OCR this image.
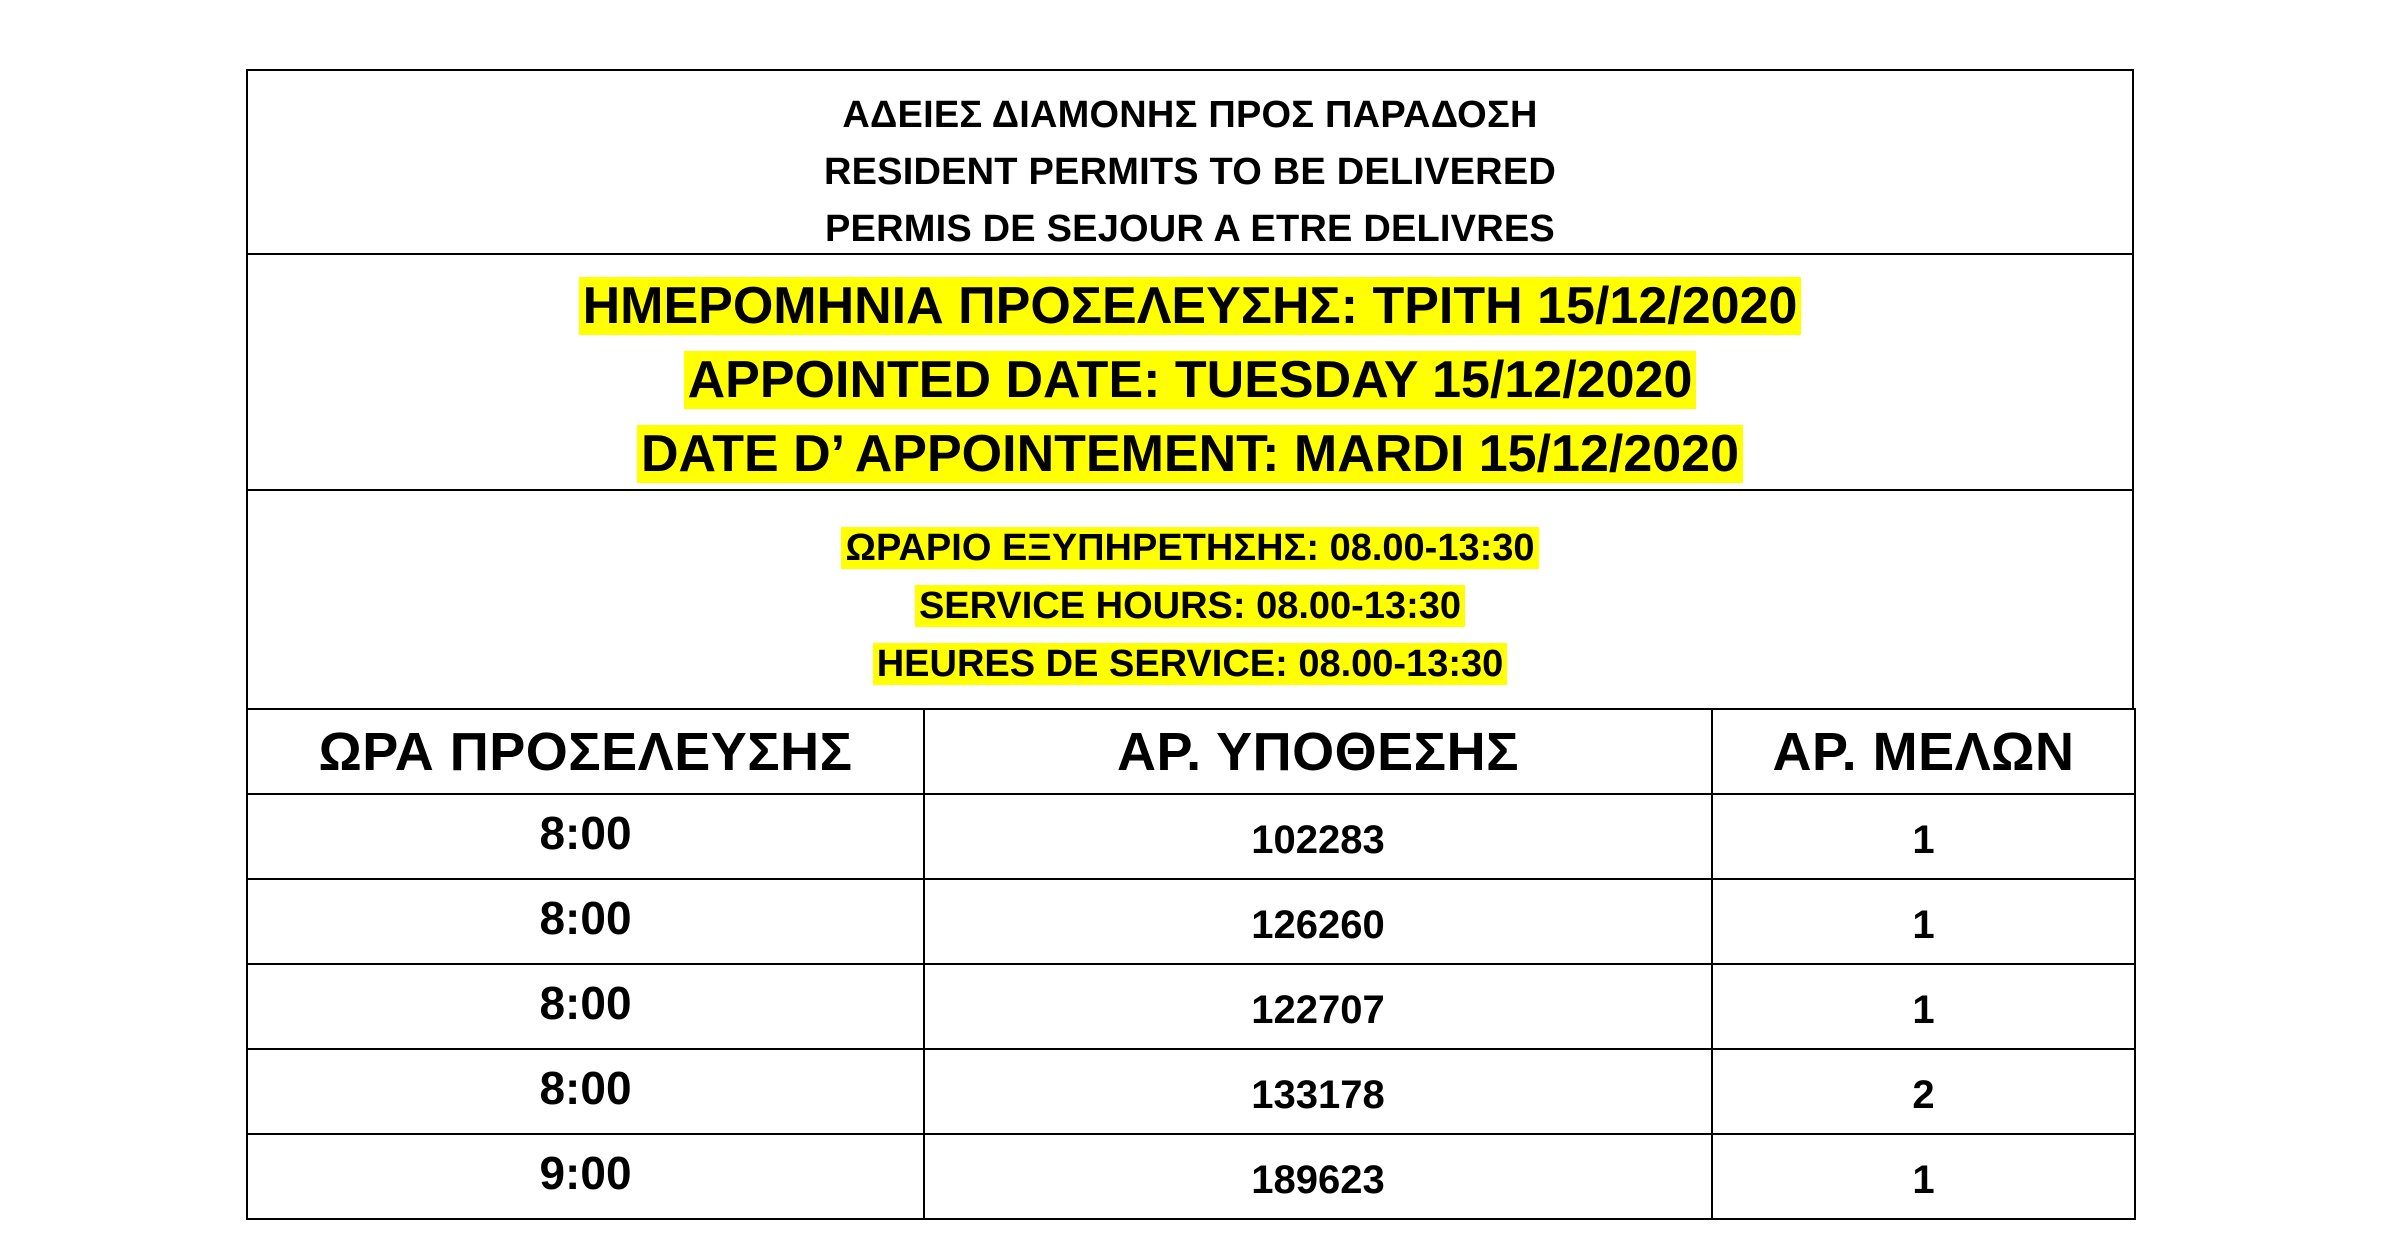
ΑΔΕΙΕΣ ΔΙΑΜΟΝΗΣ ΠΡΟΣ ΠΑΡΑΔΟΣΗ
RESIDENT PERMITS TO BE DELIVERED
PERMIS DE SEJOUR A ETRE DELIVRES
ΗΜΕΡΟΜΗΝΙΑ ΠΡΟΣΕΛΕΥΣΗΣ: ΤΡΙΤΗ 15/12/2020
APPOINTED DATE: TUESDAY 15/12/2020
DATE D’ APPOINTEMENT: MARDI 15/12/2020
ΩΡΑΡΙΟ ΕΞΥΠΗΡΕΤΗΣΗΣ: 08.00-13:30
SERVICE HOURS: 08.00-13:30
HEURES DE SERVICE: 08.00-13:30
ΩΡΑ ΠΡΟΣΕΛΕΥΣΗΣ	ΑΡ. ΥΠΟΘΕΣΗΣ	ΑΡ. ΜΕΛΩΝ
8:00	102283	1
8:00	126260	1
8:00	122707	1
8:00	133178	2
9:00	189623	1
